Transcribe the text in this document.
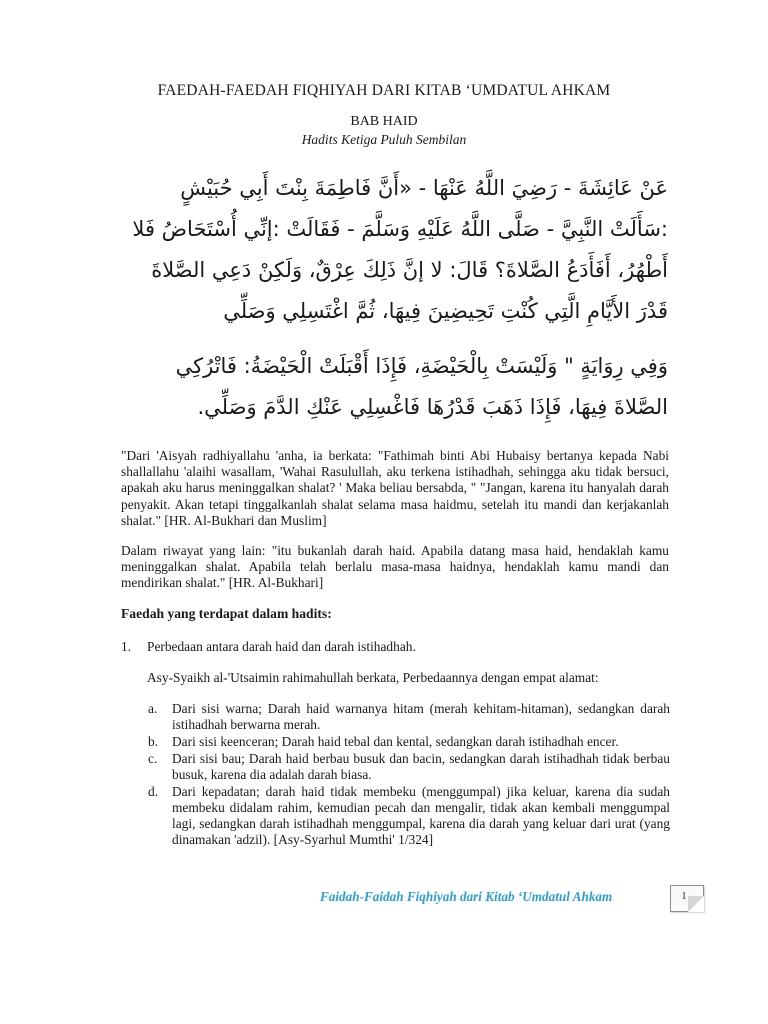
FAEDAH-FAEDAH FIQHIYAH DARI KITAB ‘UMDATUL AHKAM
BAB HAID
Hadits Ketiga Puluh Sembilan
عَنْ عَائِشَةَ - رَضِيَ اللَّهُ عَنْهَا - «أَنَّ فَاطِمَةَ بِنْتَ أَبِي حُبَيْشٍ :سَأَلَتْ النَّبِيَّ - صَلَّى اللَّهُ عَلَيْهِ وَسَلَّمَ - فَقَالَتْ :إنِّي أُسْتَحَاضُ فَلا أَطْهُرُ، أَفَأَدَعُ الصَّلاةَ؟ قَالَ: لا إنَّ ذَلِكَ عِرْقٌ، وَلَكِنْ دَعِي الصَّلاةَ قَدْرَ الأَيَّامِ الَّتِي كُنْتِ تَحِيضِينَ فِيهَا، ثُمَّ اغْتَسِلِي وَصَلِّي
وَفِي رِوَايَةٍ " وَلَيْسَتْ بِالْحَيْضَةِ، فَإِذَا أَقْبَلَتْ الْحَيْضَةُ: فَاتْرُكِي الصَّلاةَ فِيهَا، فَإِذَا ذَهَبَ قَدْرُهَا فَاغْسِلِي عَنْكِ الدَّمَ وَصَلِّي.

"Dari 'Aisyah radhiyallahu 'anha, ia berkata: "Fathimah binti Abi Hubaisy bertanya kepada Nabi shallallahu 'alaihi wasallam, 'Wahai Rasulullah, aku terkena istihadhah, sehingga aku tidak bersuci, apakah aku harus meninggalkan shalat? ' Maka beliau bersabda, " "Jangan, karena itu hanyalah darah penyakit. Akan tetapi tinggalkanlah shalat selama masa haidmu, setelah itu mandi dan kerjakanlah shalat." [HR. Al-Bukhari dan Muslim]

Dalam riwayat yang lain: "itu bukanlah darah haid. Apabila datang masa haid, hendaklah kamu meninggalkan shalat. Apabila telah berlalu masa-masa haidnya, hendaklah kamu mandi dan mendirikan shalat." [HR. Al-Bukhari]

Faedah yang terdapat dalam hadits:
1. Perbedaan antara darah haid dan darah istihadhah.
Asy-Syaikh al-'Utsaimin rahimahullah berkata, Perbedaannya dengan empat alamat:
a.	Dari sisi warna; Darah haid warnanya hitam (merah kehitam-hitaman), sedangkan darah istihadhah berwarna merah.
b.	Dari sisi keenceran; Darah haid tebal dan kental, sedangkan darah istihadhah encer.
c.	Dari sisi bau; Darah haid berbau busuk dan bacin, sedangkan darah istihadhah tidak berbau busuk, karena dia adalah darah biasa.
d.	Dari kepadatan; darah haid tidak membeku (menggumpal) jika keluar, karena dia sudah membeku didalam rahim, kemudian pecah dan mengalir, tidak akan kembali menggumpal lagi, sedangkan darah istihadhah menggumpal, karena dia darah yang keluar dari urat (yang dinamakan 'adzil). [Asy-Syarhul Mumthi' 1/324]
Faidah-Faidah Fiqhiyah dari Kitab ‘Umdatul Ahkam	1
